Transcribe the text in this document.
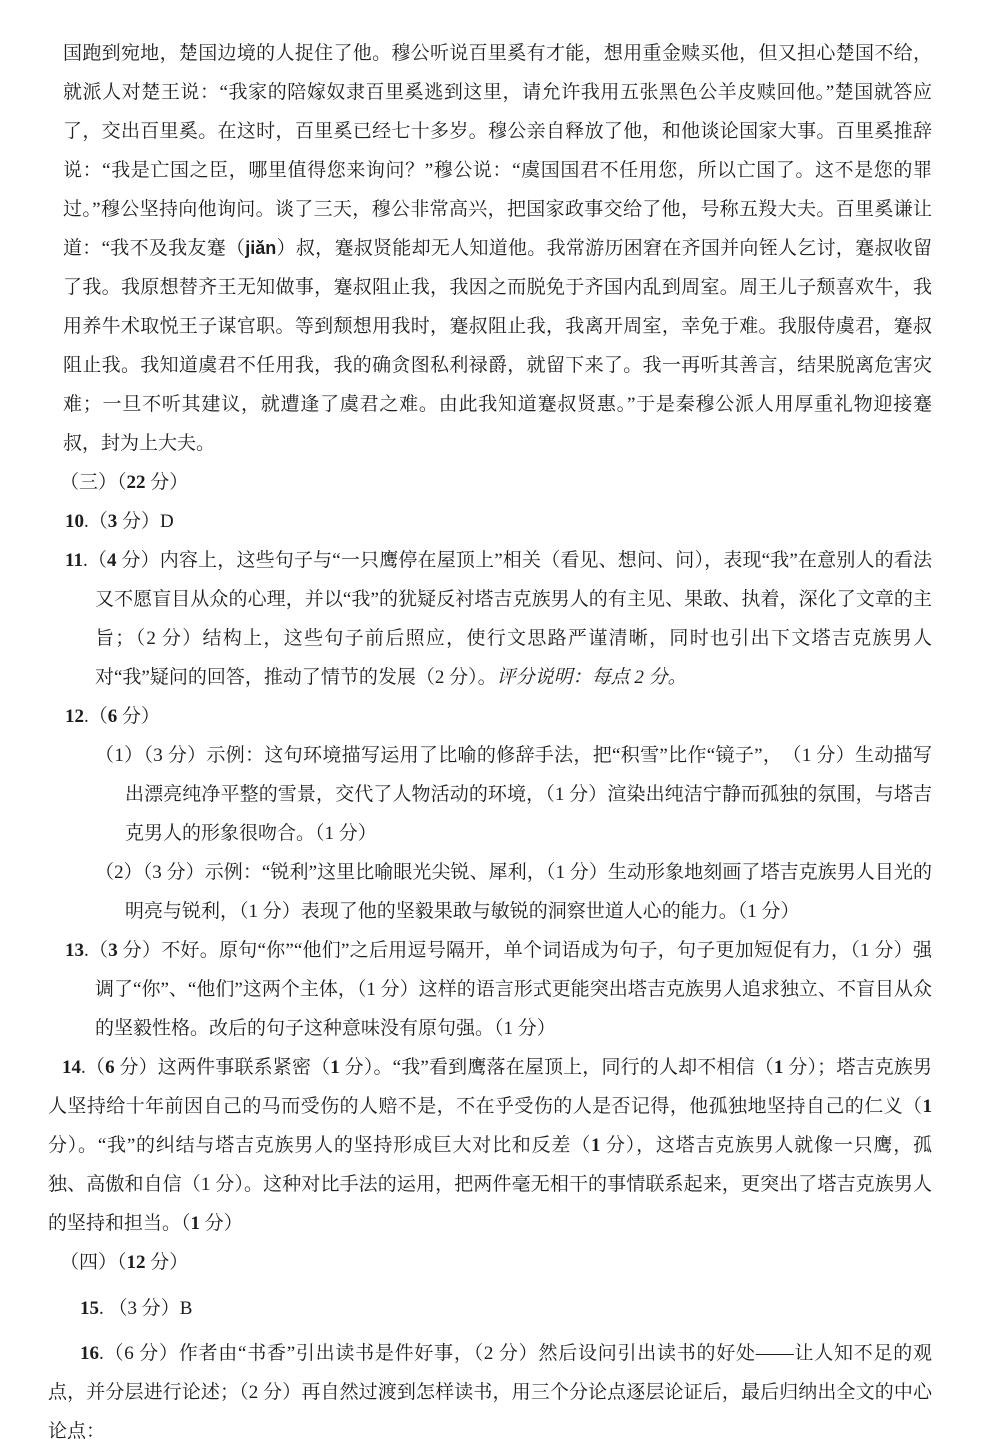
国跑到宛地，楚国边境的人捉住了他。穆公听说百里奚有才能，想用重金赎买他，但又担心楚国不给，就派人对楚王说：“我家的陪嫁奴隶百里奚逃到这里，请允许我用五张黑色公羊皮赎回他。”楚国就答应了，交出百里奚。在这时，百里奚已经七十多岁。穆公亲自释放了他，和他谈论国家大事。百里奚推辞说：“我是亡国之臣，哪里值得您来询问？”穆公说：“虞国国君不任用您，所以亡国了。这不是您的罪过。”穆公坚持向他询问。谈了三天，穆公非常高兴，把国家政事交给了他，号称五羖大夫。百里奚谦让道：“我不及我友蹇（jiǎn）叔，蹇叔贤能却无人知道他。我常游历困窘在齐国并向铚人乞讨，蹇叔收留了我。我原想替齐王无知做事，蹇叔阻止我，我因之而脱免于齐国内乱到周室。周王儿子颓喜欢牛，我用养牛术取悦王子谋官职。等到颓想用我时，蹇叔阻止我，我离开周室，幸免于难。我服侍虞君，蹇叔阻止我。我知道虞君不任用我，我的确贪图私利禄爵，就留下来了。我一再听其善言，结果脱离危害灾难；一旦不听其建议，就遭逢了虞君之难。由此我知道蹇叔贤惠。”于是秦穆公派人用厚重礼物迎接蹇叔，封为上大夫。

（三）（22 分）

10.（3 分）D

11.（4 分）内容上，这些句子与“一只鹰停在屋顶上”相关（看见、想问、问），表现“我”在意别人的看法又不愿盲目从众的心理，并以“我”的犹疑反衬塔吉克族男人的有主见、果敢、执着，深化了文章的主旨；（2 分）结构上，这些句子前后照应，使行文思路严谨清晰，同时也引出下文塔吉克族男人对“我”疑问的回答，推动了情节的发展（2 分）。评分说明：每点 2 分。

12.（6 分）

（1）（3 分）示例：这句环境描写运用了比喻的修辞手法，把“积雪”比作“镜子”，　（1 分）生动描写出漂亮纯净平整的雪景，交代了人物活动的环境，（1 分）渲染出纯洁宁静而孤独的氛围，与塔吉克男人的形象很吻合。（1 分）

（2）（3 分）示例：“锐利”这里比喻眼光尖锐、犀利，（1 分）生动形象地刻画了塔吉克族男人目光的明亮与锐利，（1 分）表现了他的坚毅果敢与敏锐的洞察世道人心的能力。（1 分）

13.（3 分）不好。原句“你”“他们”之后用逗号隔开，单个词语成为句子，句子更加短促有力，（1 分）强调了“你”、“他们”这两个主体，（1 分）这样的语言形式更能突出塔吉克族男人追求独立、不盲目从众的坚毅性格。改后的句子这种意味没有原句强。（1 分）

14.（6 分）这两件事联系紧密（1 分）。“我”看到鹰落在屋顶上，同行的人却不相信（1 分）；塔吉克族男人坚持给十年前因自己的马而受伤的人赔不是，不在乎受伤的人是否记得，他孤独地坚持自己的仁义（1 分）。“我”的纠结与塔吉克族男人的坚持形成巨大对比和反差（1 分），这塔吉克族男人就像一只鹰，孤独、高傲和自信（1 分）。这种对比手法的运用，把两件毫无相干的事情联系起来，更突出了塔吉克族男人的坚持和担当。（1 分）

（四）（12 分）

15. （3 分）B

16.（6 分）作者由“书香”引出读书是件好事，（2 分）然后设问引出读书的好处——让人知不足的观点，并分层进行论述；（2 分）再自然过渡到怎样读书，用三个分论点逐层论证后，最后归纳出全文的中心论点：
